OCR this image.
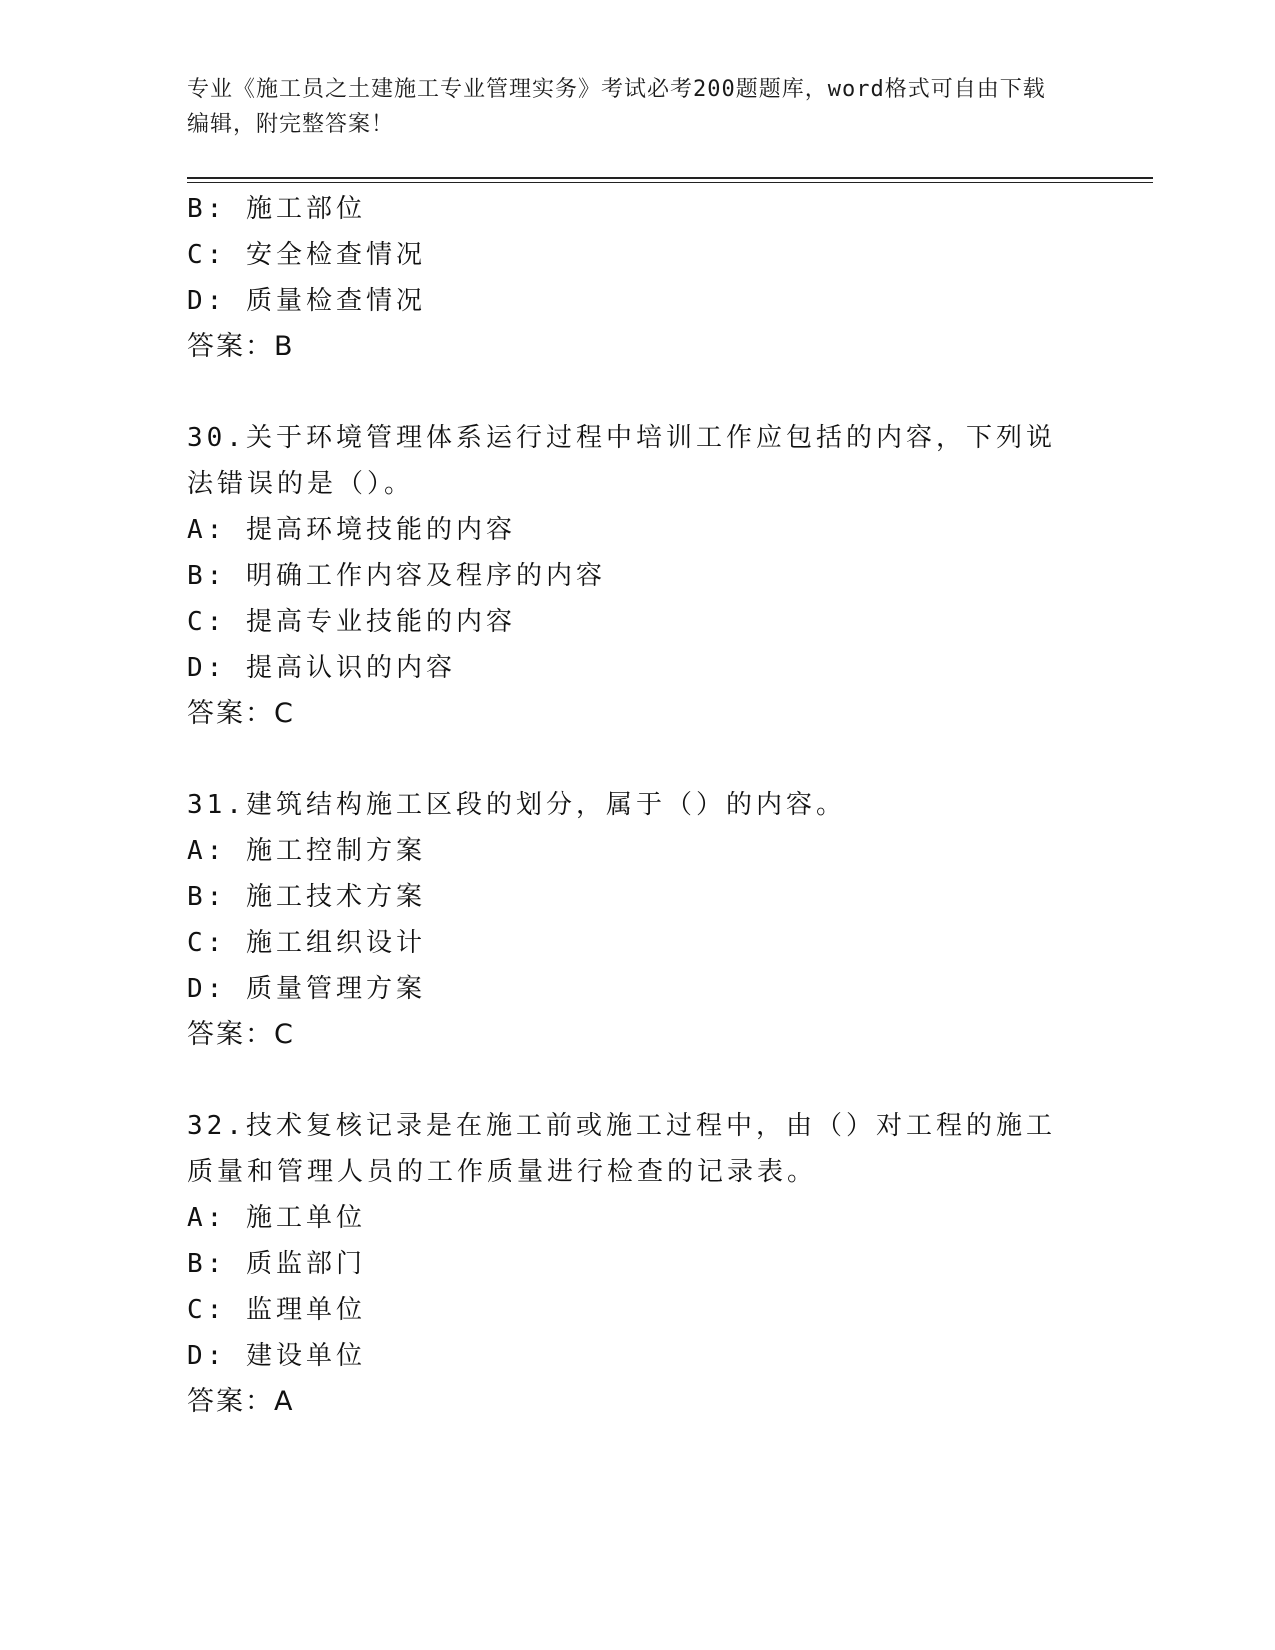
专业《施工员之土建施工专业管理实务》考试必考200题题库，word格式可自由下载编辑，附完整答案！
B: 施工部位
C: 安全检查情况
D: 质量检查情况
答案：B
30.关于环境管理体系运行过程中培训工作应包括的内容，下列说法错误的是（）。
A: 提高环境技能的内容
B: 明确工作内容及程序的内容
C: 提高专业技能的内容
D: 提高认识的内容
答案：C
31.建筑结构施工区段的划分，属于（）的内容。
A: 施工控制方案
B: 施工技术方案
C: 施工组织设计
D: 质量管理方案
答案：C
32.技术复核记录是在施工前或施工过程中，由（）对工程的施工质量和管理人员的工作质量进行检查的记录表。
A: 施工单位
B: 质监部门
C: 监理单位
D: 建设单位
答案：A
